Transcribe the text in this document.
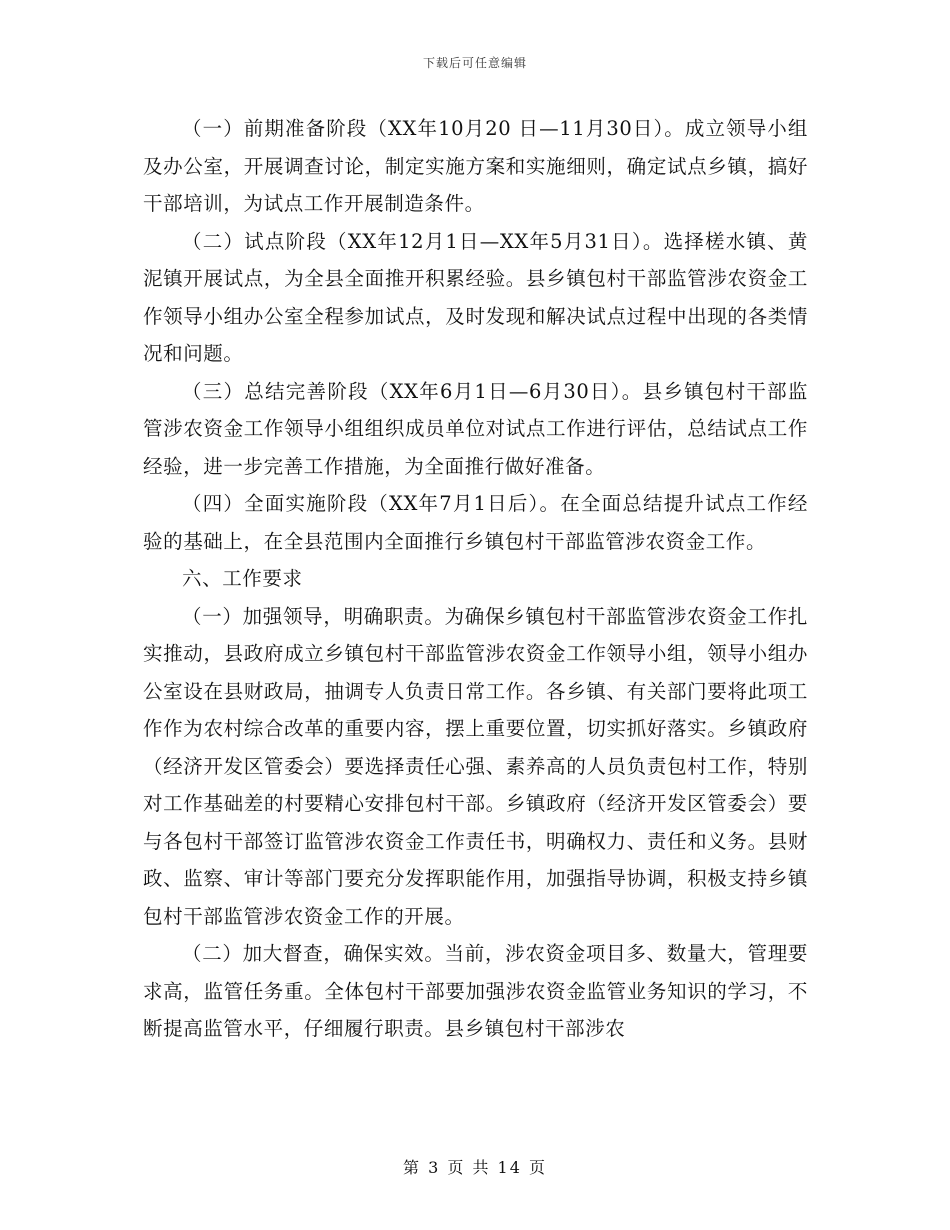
下载后可任意编辑

（一）前期准备阶段（XX年10月20 日—11月30日）。成立领导小组及办公室，开展调查讨论，制定实施方案和实施细则，确定试点乡镇，搞好干部培训，为试点工作开展制造条件。

（二）试点阶段（XX年12月1日—XX年5月31日）。选择槎水镇、黄泥镇开展试点，为全县全面推开积累经验。县乡镇包村干部监管涉农资金工作领导小组办公室全程参加试点，及时发现和解决试点过程中出现的各类情况和问题。

（三）总结完善阶段（XX年6月1日—6月30日）。县乡镇包村干部监管涉农资金工作领导小组组织成员单位对试点工作进行评估，总结试点工作经验，进一步完善工作措施，为全面推行做好准备。

（四）全面实施阶段（XX年7月1日后）。在全面总结提升试点工作经验的基础上，在全县范围内全面推行乡镇包村干部监管涉农资金工作。

六、工作要求

（一）加强领导，明确职责。为确保乡镇包村干部监管涉农资金工作扎实推动，县政府成立乡镇包村干部监管涉农资金工作领导小组，领导小组办公室设在县财政局，抽调专人负责日常工作。各乡镇、有关部门要将此项工作作为农村综合改革的重要内容，摆上重要位置，切实抓好落实。乡镇政府（经济开发区管委会）要选择责任心强、素养高的人员负责包村工作，特别对工作基础差的村要精心安排包村干部。乡镇政府（经济开发区管委会）要与各包村干部签订监管涉农资金工作责任书，明确权力、责任和义务。县财政、监察、审计等部门要充分发挥职能作用，加强指导协调，积极支持乡镇包村干部监管涉农资金工作的开展。

（二）加大督查，确保实效。当前，涉农资金项目多、数量大，管理要求高，监管任务重。全体包村干部要加强涉农资金监管业务知识的学习，不断提高监管水平，仔细履行职责。县乡镇包村干部涉农

第 3 页 共 14 页
